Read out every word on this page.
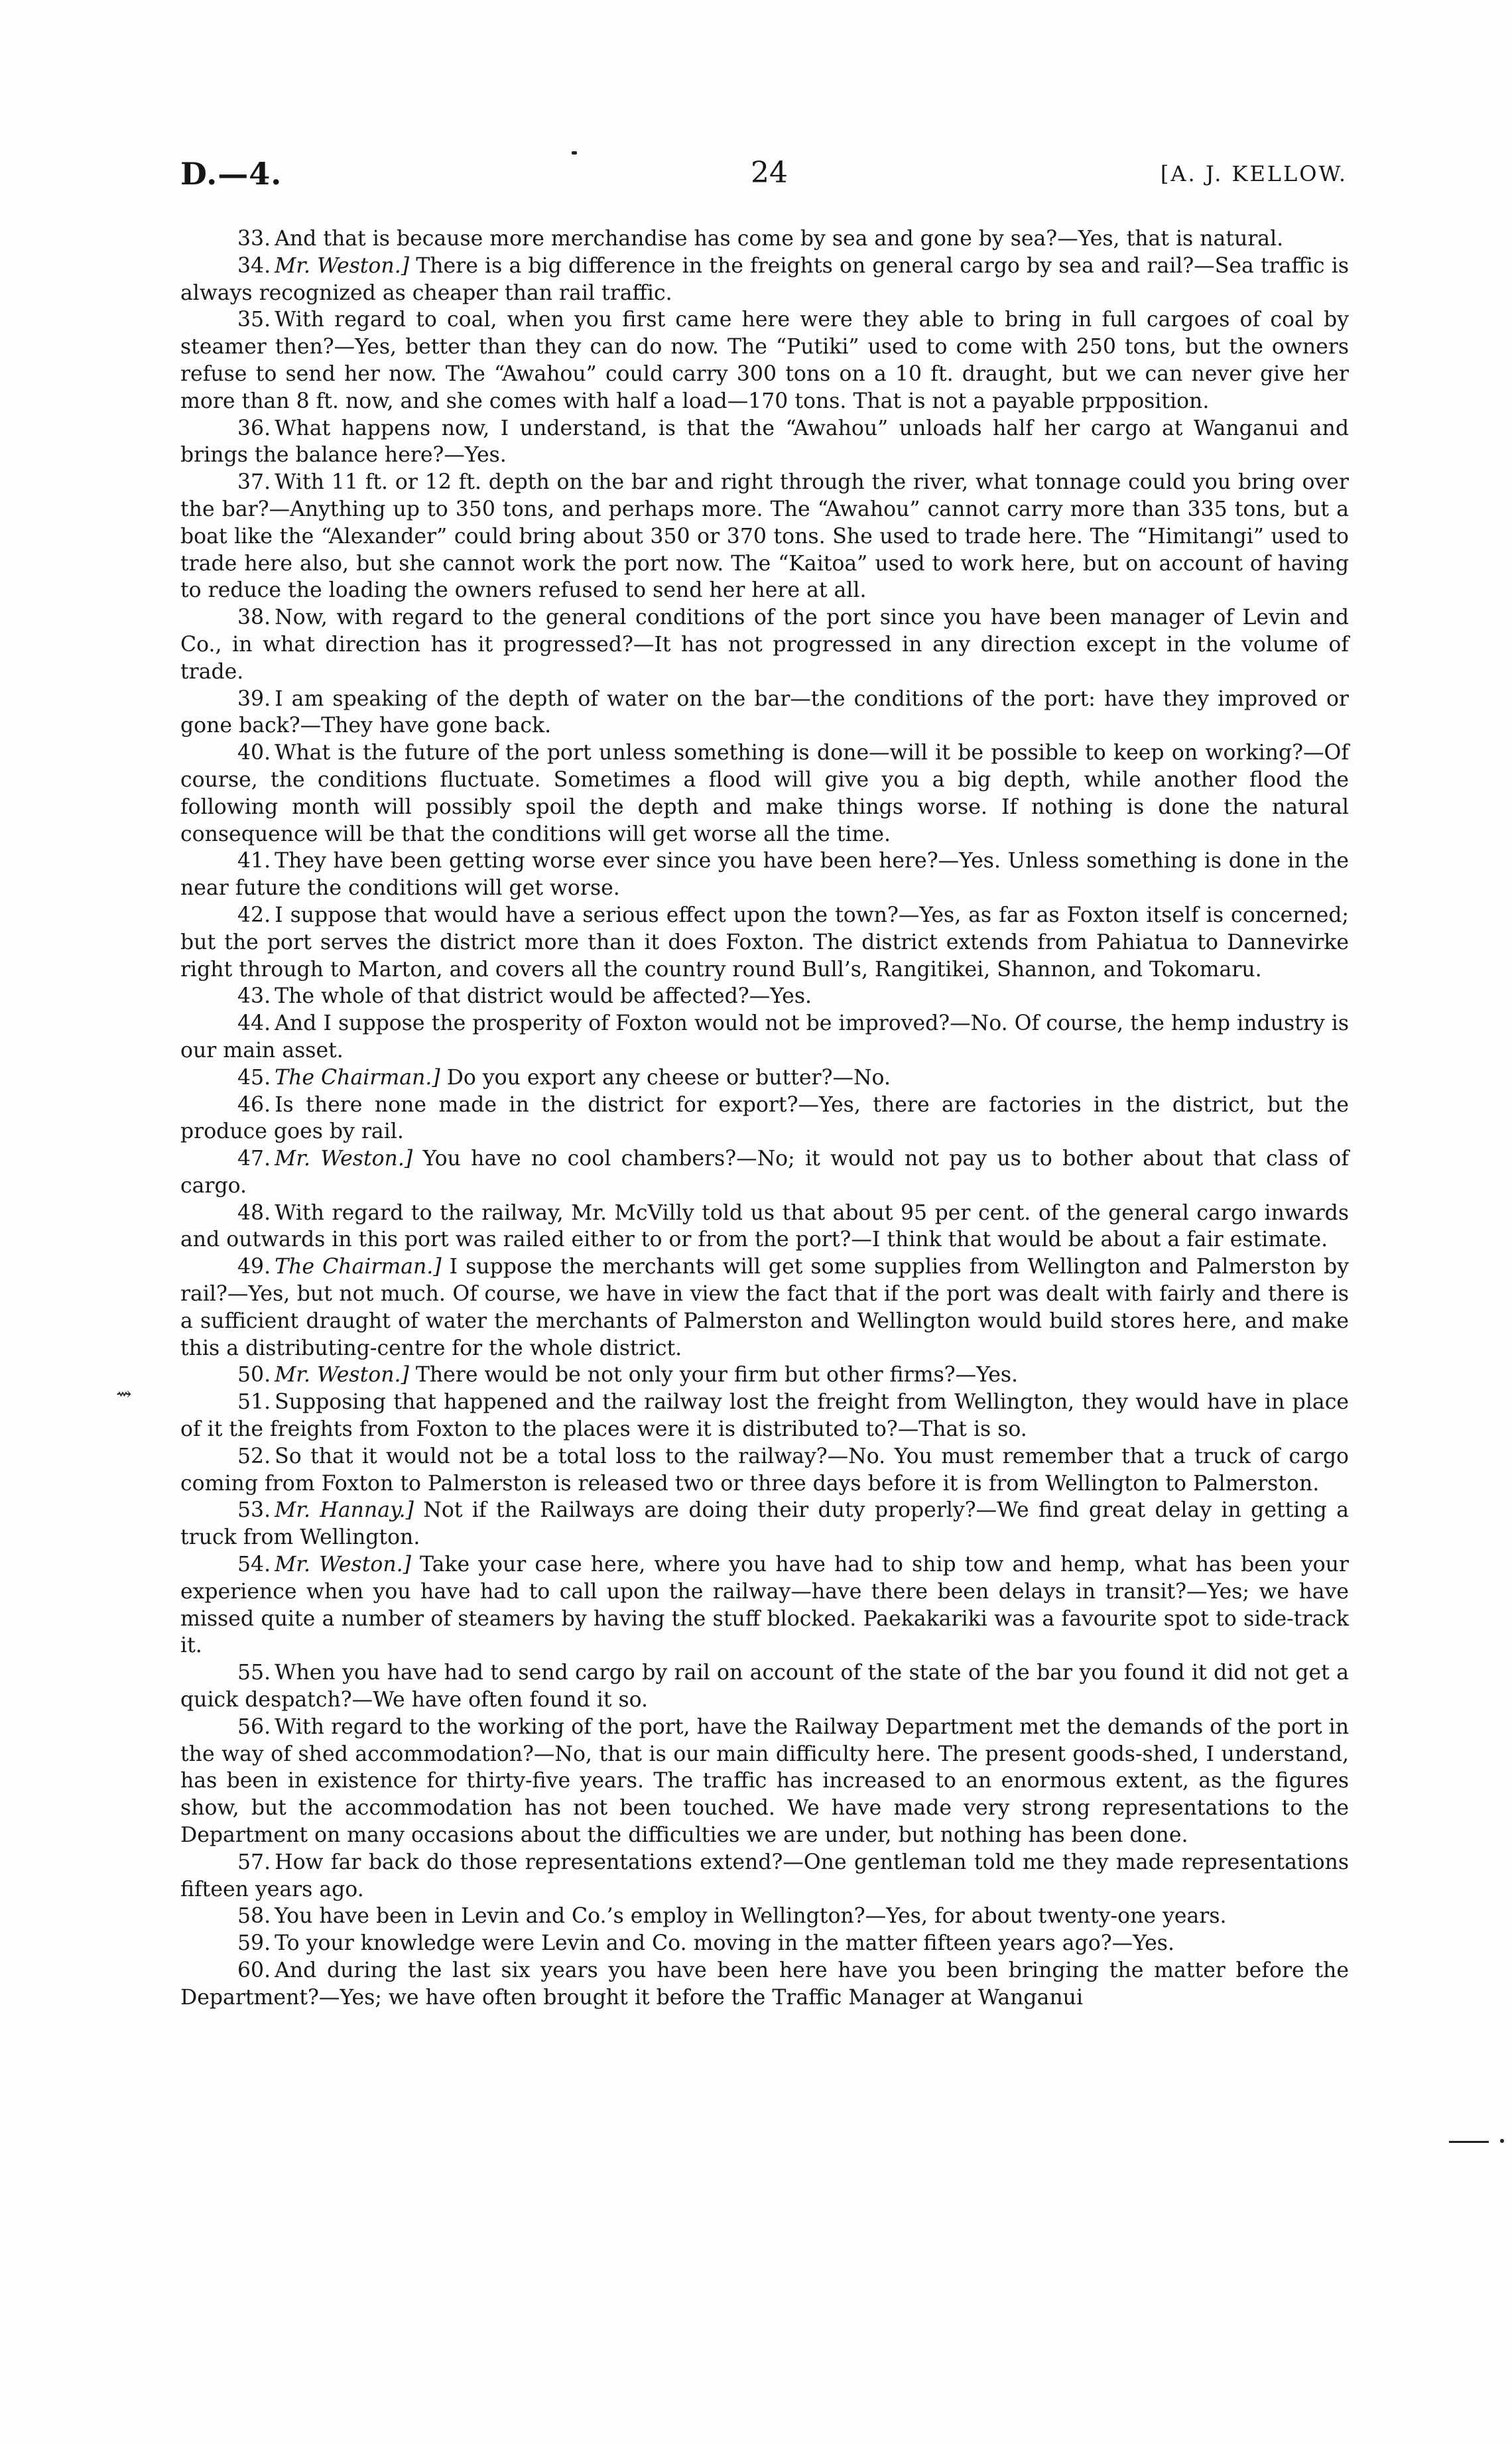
D.—4.	24	[A. J. KELLOW.
⇝

33. And that is because more merchandise has come by sea and gone by sea?—Yes, that is natural.

34. Mr. Weston.] There is a big difference in the freights on general cargo by sea and rail?—Sea traffic is always recognized as cheaper than rail traffic.

35. With regard to coal, when you first came here were they able to bring in full cargoes of coal by steamer then?—Yes, better than they can do now. The “Putiki” used to come with 250 tons, but the owners refuse to send her now. The “Awahou” could carry 300 tons on a 10 ft. draught, but we can never give her more than 8 ft. now, and she comes with half a load—170 tons. That is not a payable prpposition.

36. What happens now, I understand, is that the “Awahou” unloads half her cargo at Wanganui and brings the balance here?—Yes.

37. With 11 ft. or 12 ft. depth on the bar and right through the river, what tonnage could you bring over the bar?—Anything up to 350 tons, and perhaps more. The “Awahou” cannot carry more than 335 tons, but a boat like the “Alexander” could bring about 350 or 370 tons. She used to trade here. The “Himitangi” used to trade here also, but she cannot work the port now. The “Kaitoa” used to work here, but on account of having to reduce the loading the owners refused to send her here at all.

38. Now, with regard to the general conditions of the port since you have been manager of Levin and Co., in what direction has it progressed?—It has not progressed in any direction except in the volume of trade.

39. I am speaking of the depth of water on the bar—the conditions of the port: have they improved or gone back?—They have gone back.

40. What is the future of the port unless something is done—will it be possible to keep on working?—Of course, the conditions fluctuate. Sometimes a flood will give you a big depth, while another flood the following month will possibly spoil the depth and make things worse. If nothing is done the natural consequence will be that the conditions will get worse all the time.

41. They have been getting worse ever since you have been here?—Yes. Unless something is done in the near future the conditions will get worse.

42. I suppose that would have a serious effect upon the town?—Yes, as far as Foxton itself is concerned; but the port serves the district more than it does Foxton. The district extends from Pahiatua to Dannevirke right through to Marton, and covers all the country round Bull’s, Rangitikei, Shannon, and Tokomaru.

43. The whole of that district would be affected?—Yes.

44. And I suppose the prosperity of Foxton would not be improved?—No. Of course, the hemp industry is our main asset.

45. The Chairman.] Do you export any cheese or butter?—No.

46. Is there none made in the district for export?—Yes, there are factories in the district, but the produce goes by rail.

47. Mr. Weston.] You have no cool chambers?—No; it would not pay us to bother about that class of cargo.

48. With regard to the railway, Mr. McVilly told us that about 95 per cent. of the general cargo inwards and outwards in this port was railed either to or from the port?—I think that would be about a fair estimate.

49. The Chairman.] I suppose the merchants will get some supplies from Wellington and Palmerston by rail?—Yes, but not much. Of course, we have in view the fact that if the port was dealt with fairly and there is a sufficient draught of water the merchants of Palmerston and Wellington would build stores here, and make this a distributing-centre for the whole district.

50. Mr. Weston.] There would be not only your firm but other firms?—Yes.

51. Supposing that happened and the railway lost the freight from Wellington, they would have in place of it the freights from Foxton to the places were it is distributed to?—That is so.

52. So that it would not be a total loss to the railway?—No. You must remember that a truck of cargo coming from Foxton to Palmerston is released two or three days before it is from Wellington to Palmerston.

53. Mr. Hannay.] Not if the Railways are doing their duty properly?—We find great delay in getting a truck from Wellington.

54. Mr. Weston.] Take your case here, where you have had to ship tow and hemp, what has been your experience when you have had to call upon the railway—have there been delays in transit?—Yes; we have missed quite a number of steamers by having the stuff blocked. Paekakariki was a favourite spot to side-track it.

55. When you have had to send cargo by rail on account of the state of the bar you found it did not get a quick despatch?—We have often found it so.

56. With regard to the working of the port, have the Railway Department met the demands of the port in the way of shed accommodation?—No, that is our main difficulty here. The present goods-shed, I understand, has been in existence for thirty-five years. The traffic has increased to an enormous extent, as the figures show, but the accommodation has not been touched. We have made very strong representations to the Department on many occasions about the difficulties we are under, but nothing has been done.

57. How far back do those representations extend?—One gentleman told me they made representations fifteen years ago.

58. You have been in Levin and Co.’s employ in Wellington?—Yes, for about twenty-one years.

59. To your knowledge were Levin and Co. moving in the matter fifteen years ago?—Yes.

60. And during the last six years you have been here have you been bringing the matter before the Department?—Yes; we have often brought it before the Traffic Manager at Wanganui
